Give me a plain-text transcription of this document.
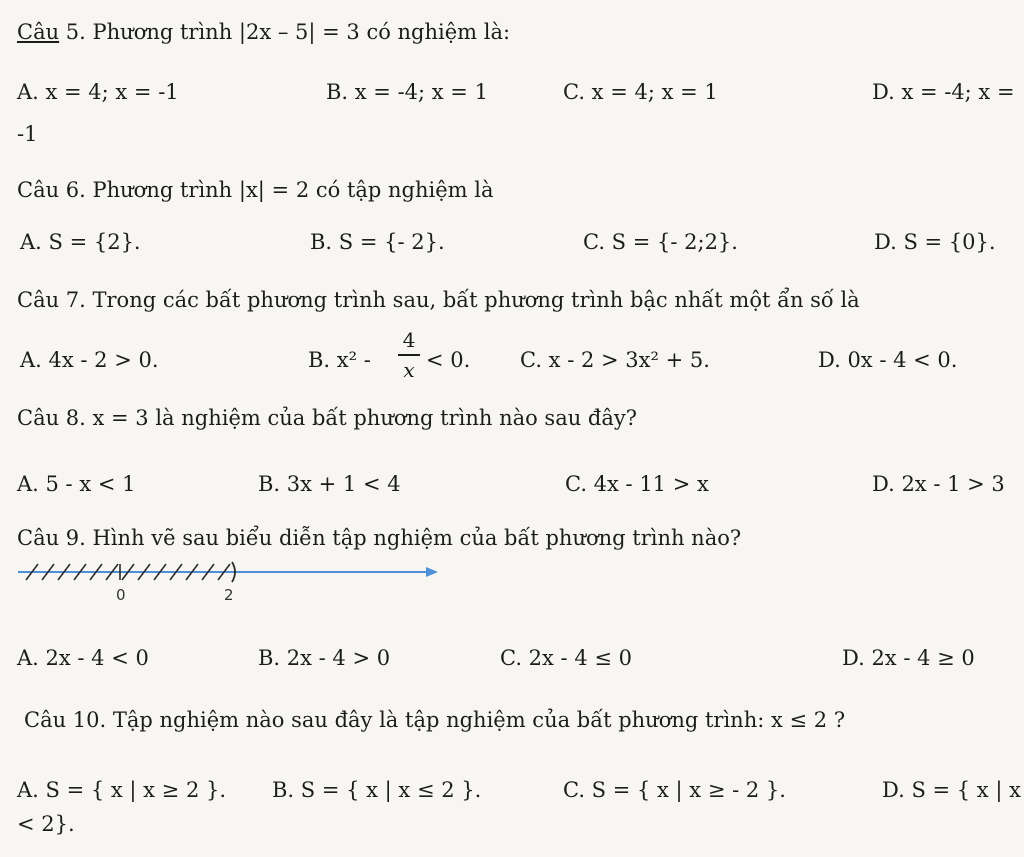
Câu 5. Phương trình |2x – 5| = 3 có nghiệm là:
A. x = 4; x = -1	B. x = -4; x = 1	C. x = 4; x = 1	D. x = -4; x =
-1
Câu 6. Phương trình |x| = 2 có tập nghiệm là
A. S = {2}.	B. S = {- 2}.	C. S = {- 2;2}.	D. S = {0}.
Câu 7. Trong các bất phương trình sau, bất phương trình bậc nhất một ẩn số là
A. 4x - 2 > 0.	B. x² -
4
x < 0. C. x - 2 > 3x² + 5.	D. 0x - 4 < 0.
Câu 8. x = 3 là nghiệm của bất phương trình nào sau đây?
A. 5 - x < 1	B. 3x + 1 < 4	C. 4x - 11 > x	D. 2x - 1 > 3
Câu 9. Hình vẽ sau biểu diễn tập nghiệm của bất phương trình nào?
0	2
A. 2x - 4 < 0	B. 2x - 4 > 0	C. 2x - 4 ≤ 0	D. 2x - 4 ≥ 0
Câu 10. Tập nghiệm nào sau đây là tập nghiệm của bất phương trình: x ≤ 2 ?
A. S = { x | x ≥ 2 }. B. S = { x | x ≤ 2 }.	C. S = { x | x ≥ - 2 }.	D. S = { x | x
< 2}.
